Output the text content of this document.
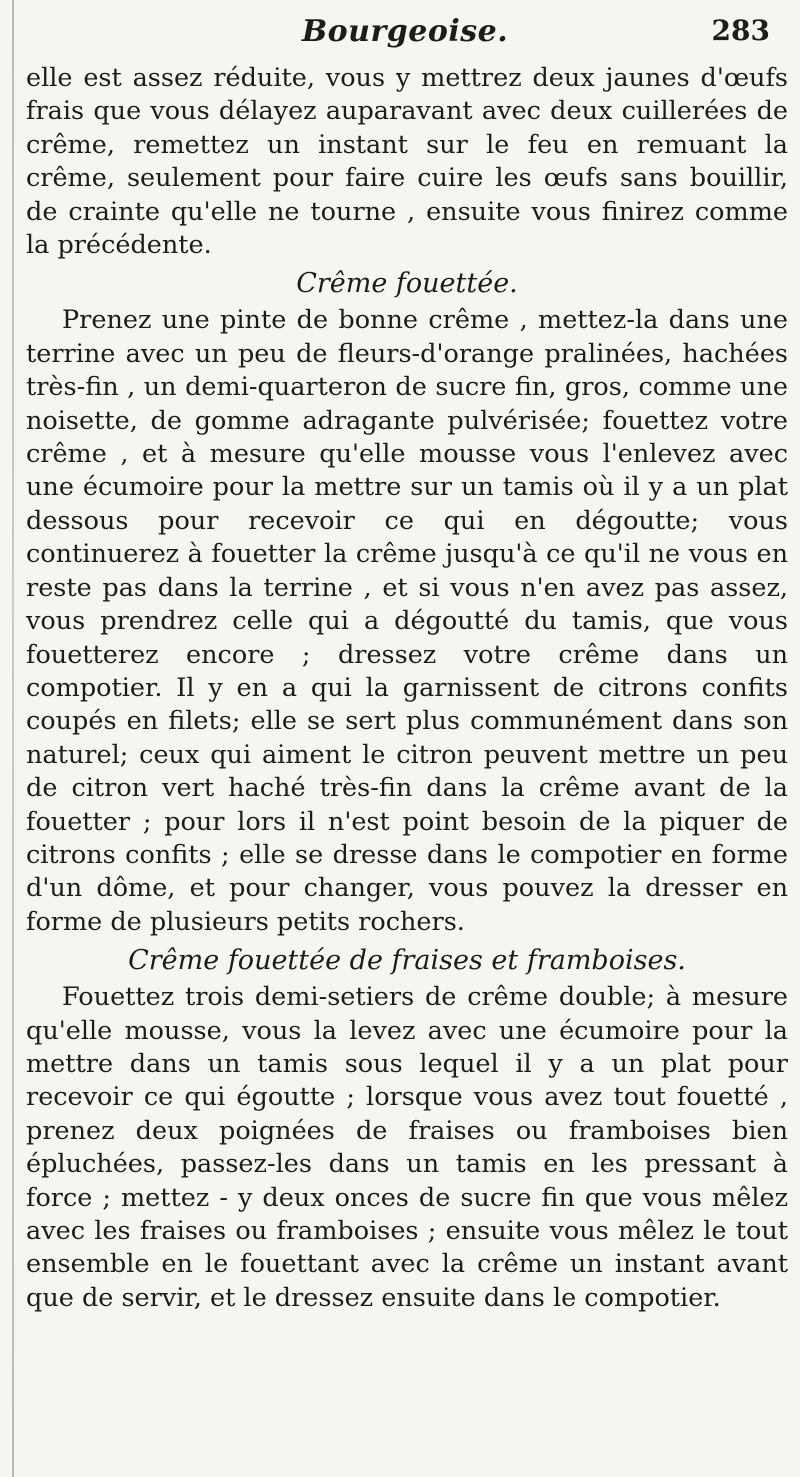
Bourgeoise.	283

elle est assez réduite, vous y mettrez deux jaunes d'œufs frais que vous délayez auparavant avec deux cuillerées de crême, remettez un instant sur le feu en remuant la crême, seulement pour faire cuire les œufs sans bouillir, de crainte qu'elle ne tourne , ensuite vous finirez comme la précédente.

Crême fouettée.

Prenez une pinte de bonne crême , mettez-la dans une terrine avec un peu de fleurs-d'orange pralinées, hachées très-fin , un demi-quarteron de sucre fin, gros, comme une noisette, de gomme adragante pulvérisée; fouettez votre crême , et à mesure qu'elle mousse vous l'enlevez avec une écumoire pour la mettre sur un tamis où il y a un plat dessous pour recevoir ce qui en dégoutte; vous continuerez à fouetter la crême jusqu'à ce qu'il ne vous en reste pas dans la terrine , et si vous n'en avez pas assez, vous prendrez celle qui a dégoutté du tamis, que vous fouetterez encore ; dressez votre crême dans un compotier. Il y en a qui la garnissent de citrons confits coupés en filets; elle se sert plus communément dans son naturel; ceux qui aiment le citron peuvent mettre un peu de citron vert haché très-fin dans la crême avant de la fouetter ; pour lors il n'est point besoin de la piquer de citrons confits ; elle se dresse dans le compotier en forme d'un dôme, et pour changer, vous pouvez la dresser en forme de plusieurs petits rochers.

Crême fouettée de fraises et framboises.

Fouettez trois demi-setiers de crême double; à mesure qu'elle mousse, vous la levez avec une écumoire pour la mettre dans un tamis sous lequel il y a un plat pour recevoir ce qui égoutte ; lorsque vous avez tout fouetté , prenez deux poignées de fraises ou framboises bien épluchées, passez-les dans un tamis en les pressant à force ; mettez - y deux onces de sucre fin que vous mêlez avec les fraises ou framboises ; ensuite vous mêlez le tout ensemble en le fouettant avec la crême un instant avant que de servir, et le dressez ensuite dans le compotier.
